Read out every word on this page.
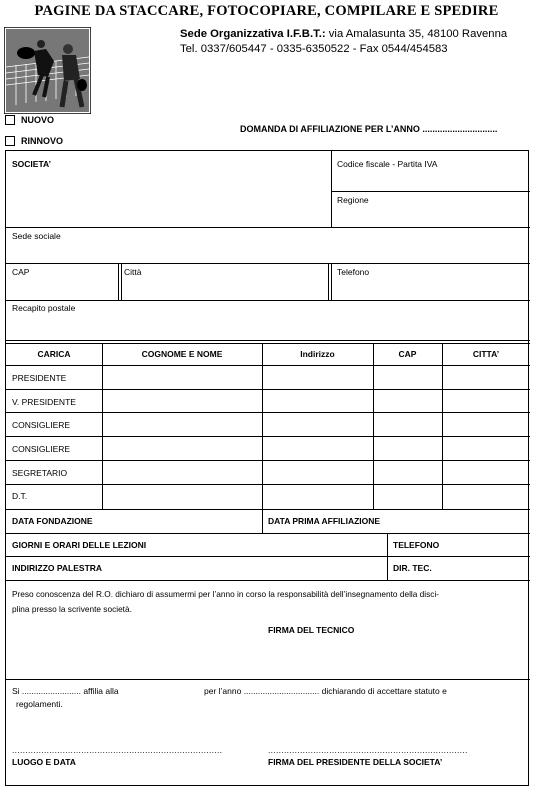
PAGINE DA STACCARE, FOTOCOPIARE, COMPILARE E SPEDIRE
Sede Organizzativa I.F.B.T.: via Amalasunta 35, 48100 Ravenna
Tel. 0337/605447 - 0335-6350522 - Fax 0544/454583
NUOVO
RINNOVO
DOMANDA DI AFFILIAZIONE PER L’ANNO ..............................
SOCIETA’	Codice fiscale - Partita IVA
Regione
Sede sociale
CAP	Città	Telefono
Recapito postale
CARICA	COGNOME E NOME	Indirizzo	CAP	CITTA’
PRESIDENTE
V. PRESIDENTE
CONSIGLIERE
CONSIGLIERE
SEGRETARIO
D.T.
DATA FONDAZIONE	DATA PRIMA AFFILIAZIONE
GIORNI E ORARI DELLE LEZIONI	TELEFONO
INDIRIZZO PALESTRA	DIR. TEC.
Preso conoscenza del R.O. dichiaro di assumermi per l’anno in corso la responsabilità dell’insegnamento della disci-
plina presso la scrivente società.
FIRMA DEL TECNICO
Si ......................... affilia alla	per l’anno ................................ dichiarando di accettare statuto e
regolamenti.
...............................................................................	...........................................................................
LUOGO E DATA	FIRMA DEL PRESIDENTE DELLA SOCIETA’
